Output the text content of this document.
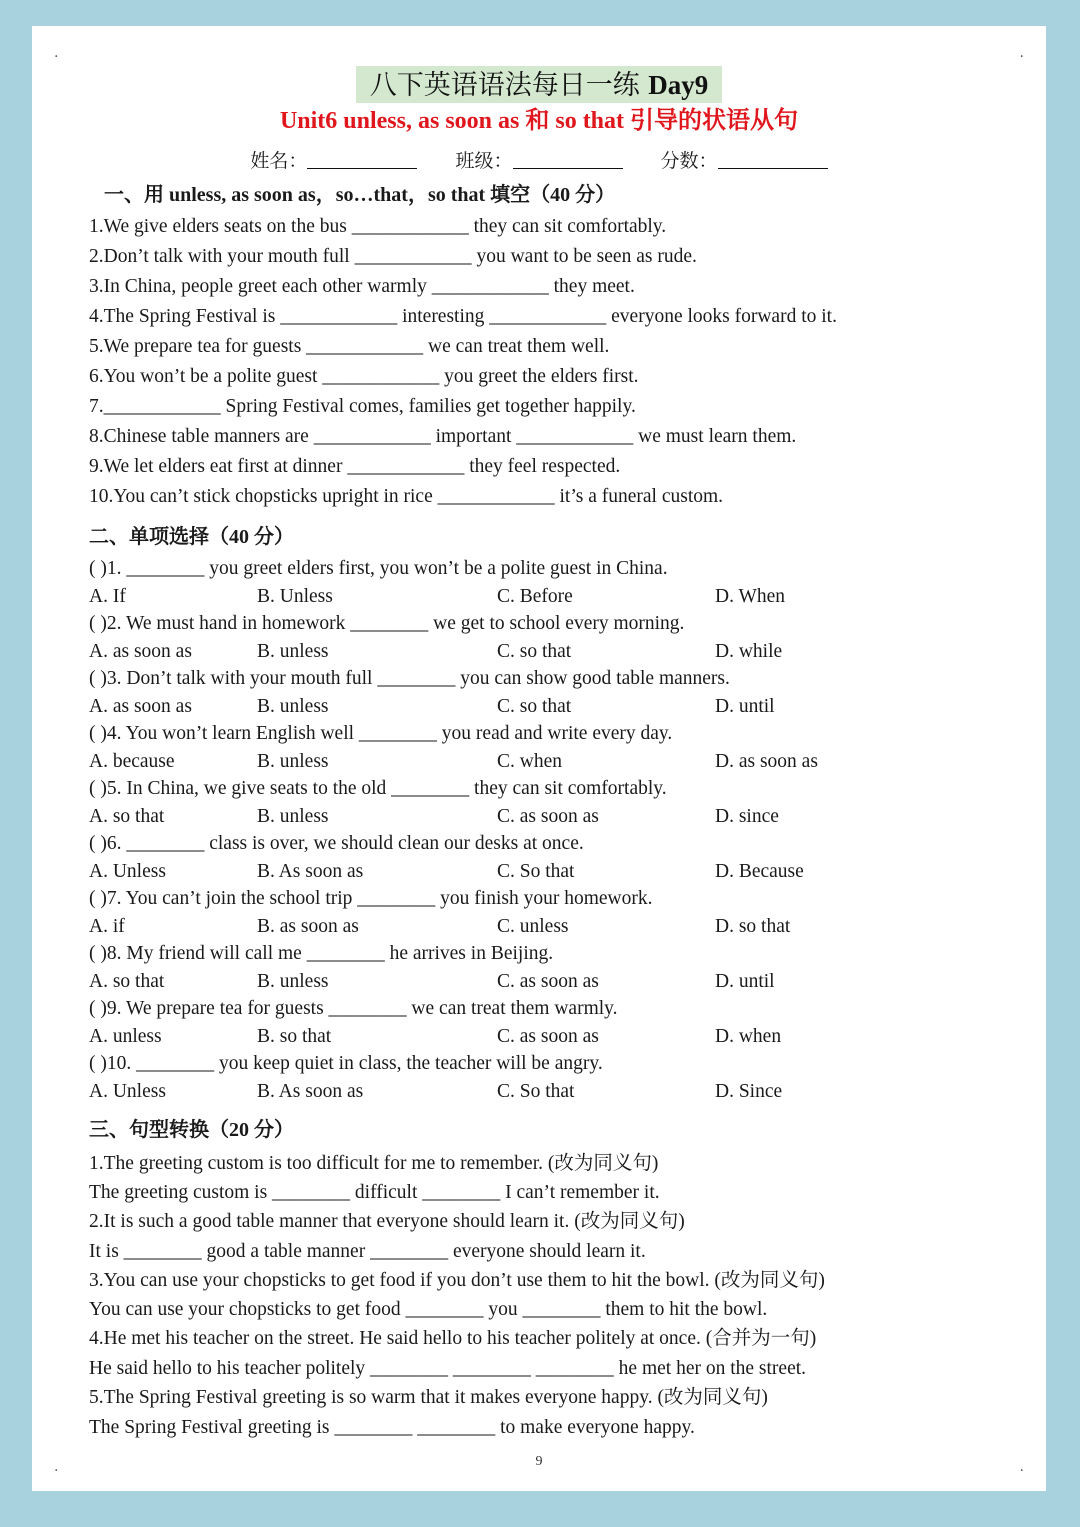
.	.
.	.
八下英语语法每日一练 Day9
Unit6 unless, as soon as 和 so that 引导的状语从句
姓名：	班级：	分数：
一、用 unless, as soon as，so…that，so that 填空（40 分）
1.We give elders seats on the bus ____________ they can sit comfortably.
2.Don’t talk with your mouth full ____________ you want to be seen as rude.
3.In China, people greet each other warmly ____________ they meet.
4.The Spring Festival is ____________ interesting ____________ everyone looks forward to it.
5.We prepare tea for guests ____________ we can treat them well.
6.You won’t be a polite guest ____________ you greet the elders first.
7.____________ Spring Festival comes, families get together happily.
8.Chinese table manners are ____________ important ____________ we must learn them.
9.We let elders eat first at dinner ____________ they feel respected.
10.You can’t stick chopsticks upright in rice ____________ it’s a funeral custom.
二、单项选择（40 分）
( )1. ________ you greet elders first, you won’t be a polite guest in China.
A. If	B. Unless	C. Before	D. When
( )2. We must hand in homework ________ we get to school every morning.
A. as soon as	B. unless	C. so that	D. while
( )3. Don’t talk with your mouth full ________ you can show good table manners.
A. as soon as	B. unless	C. so that	D. until
( )4. You won’t learn English well ________ you read and write every day.
A. because	B. unless	C. when	D. as soon as
( )5. In China, we give seats to the old ________ they can sit comfortably.
A. so that	B. unless	C. as soon as	D. since
( )6. ________ class is over, we should clean our desks at once.
A. Unless	B. As soon as	C. So that	D. Because
( )7. You can’t join the school trip ________ you finish your homework.
A. if	B. as soon as	C. unless	D. so that
( )8. My friend will call me ________ he arrives in Beijing.
A. so that	B. unless	C. as soon as	D. until
( )9. We prepare tea for guests ________ we can treat them warmly.
A. unless	B. so that	C. as soon as	D. when
( )10. ________ you keep quiet in class, the teacher will be angry.
A. Unless	B. As soon as	C. So that	D. Since
三、句型转换（20 分）
1.The greeting custom is too difficult for me to remember. (改为同义句)
The greeting custom is ________ difficult ________ I can’t remember it.
2.It is such a good table manner that everyone should learn it. (改为同义句)
It is ________ good a table manner ________ everyone should learn it.
3.You can use your chopsticks to get food if you don’t use them to hit the bowl. (改为同义句)
You can use your chopsticks to get food ________ you ________ them to hit the bowl.
4.He met his teacher on the street. He said hello to his teacher politely at once. (合并为一句)
He said hello to his teacher politely ________ ________ ________ he met her on the street.
5.The Spring Festival greeting is so warm that it makes everyone happy. (改为同义句)
The Spring Festival greeting is ________ ________ to make everyone happy.
9
